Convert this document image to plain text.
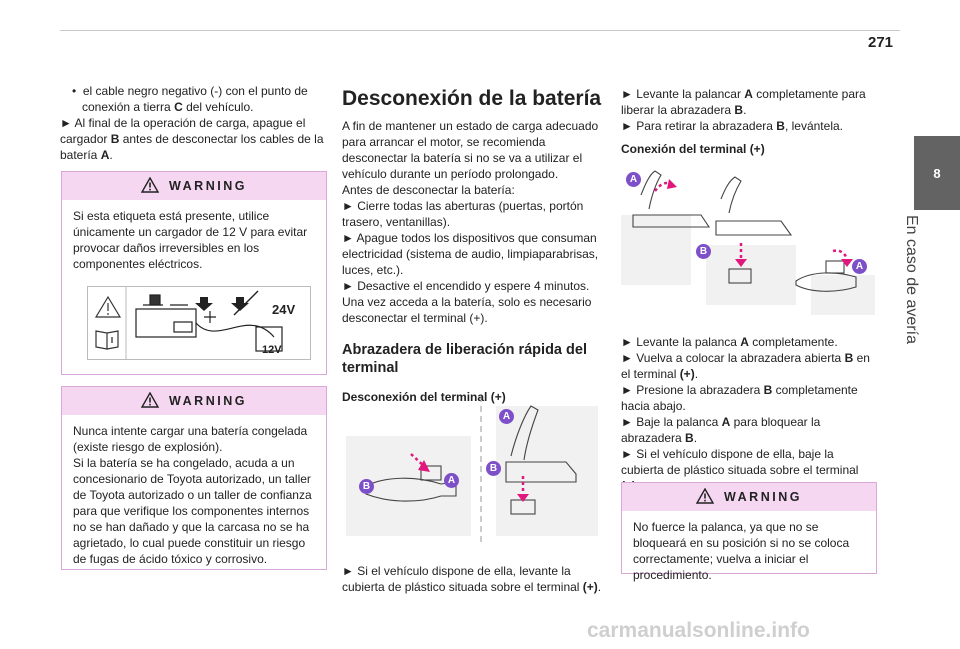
271
8
En caso de avería

•  el cable negro negativo (-) con el punto de conexión a tierra C del vehículo.

► Al final de la operación de carga, apague el cargador B antes de desconectar los cables de la batería A.

WARNING

Si esta etiqueta está presente, utilice únicamente un cargador de 12 V para evitar provocar daños irreversibles en los componentes eléctricos.

24V
12V
WARNING

Nunca intente cargar una batería congelada (existe riesgo de explosión).
Si la batería se ha congelado, acuda a un concesionario de Toyota autorizado, un taller de Toyota autorizado o un taller de confianza para que verifique los componentes internos no se han dañado y que la carcasa no se ha agrietado, lo cual puede constituir un riesgo de fugas de ácido tóxico y corrosivo.

Desconexión de la batería

A fin de mantener un estado de carga adecuado para arrancar el motor, se recomienda desconectar la batería si no se va a utilizar el vehículo durante un período prolongado.
Antes de desconectar la batería:
► Cierre todas las aberturas (puertas, portón trasero, ventanillas).
► Apague todos los dispositivos que consuman electricidad (sistema de audio, limpiaparabrisas, luces, etc.).
► Desactive el encendido y espere 4 minutos.
Una vez acceda a la batería, solo es necesario desconectar el terminal (+).

Abrazadera de liberación rápida del terminal
Desconexión del terminal (+)
A
B
A
B

► Si el vehículo dispone de ella, levante la cubierta de plástico situada sobre el terminal (+).

► Levante la palancar A completamente para liberar la abrazadera B.
► Para retirar la abrazadera B, levántela.

Conexión del terminal (+)
A
B
A

► Levante la palanca A completamente.
► Vuelva a colocar la abrazadera abierta B en el terminal (+).
► Presione la abrazadera B completamente hacia abajo.
► Baje la palanca A para bloquear la abrazadera B.
► Si el vehículo dispone de ella, baje la cubierta de plástico situada sobre el terminal

WARNING

No fuerce la palanca, ya que no se bloqueará en su posición si no se coloca correctamente; vuelva a iniciar el procedimiento.

carmanualsonline.info
